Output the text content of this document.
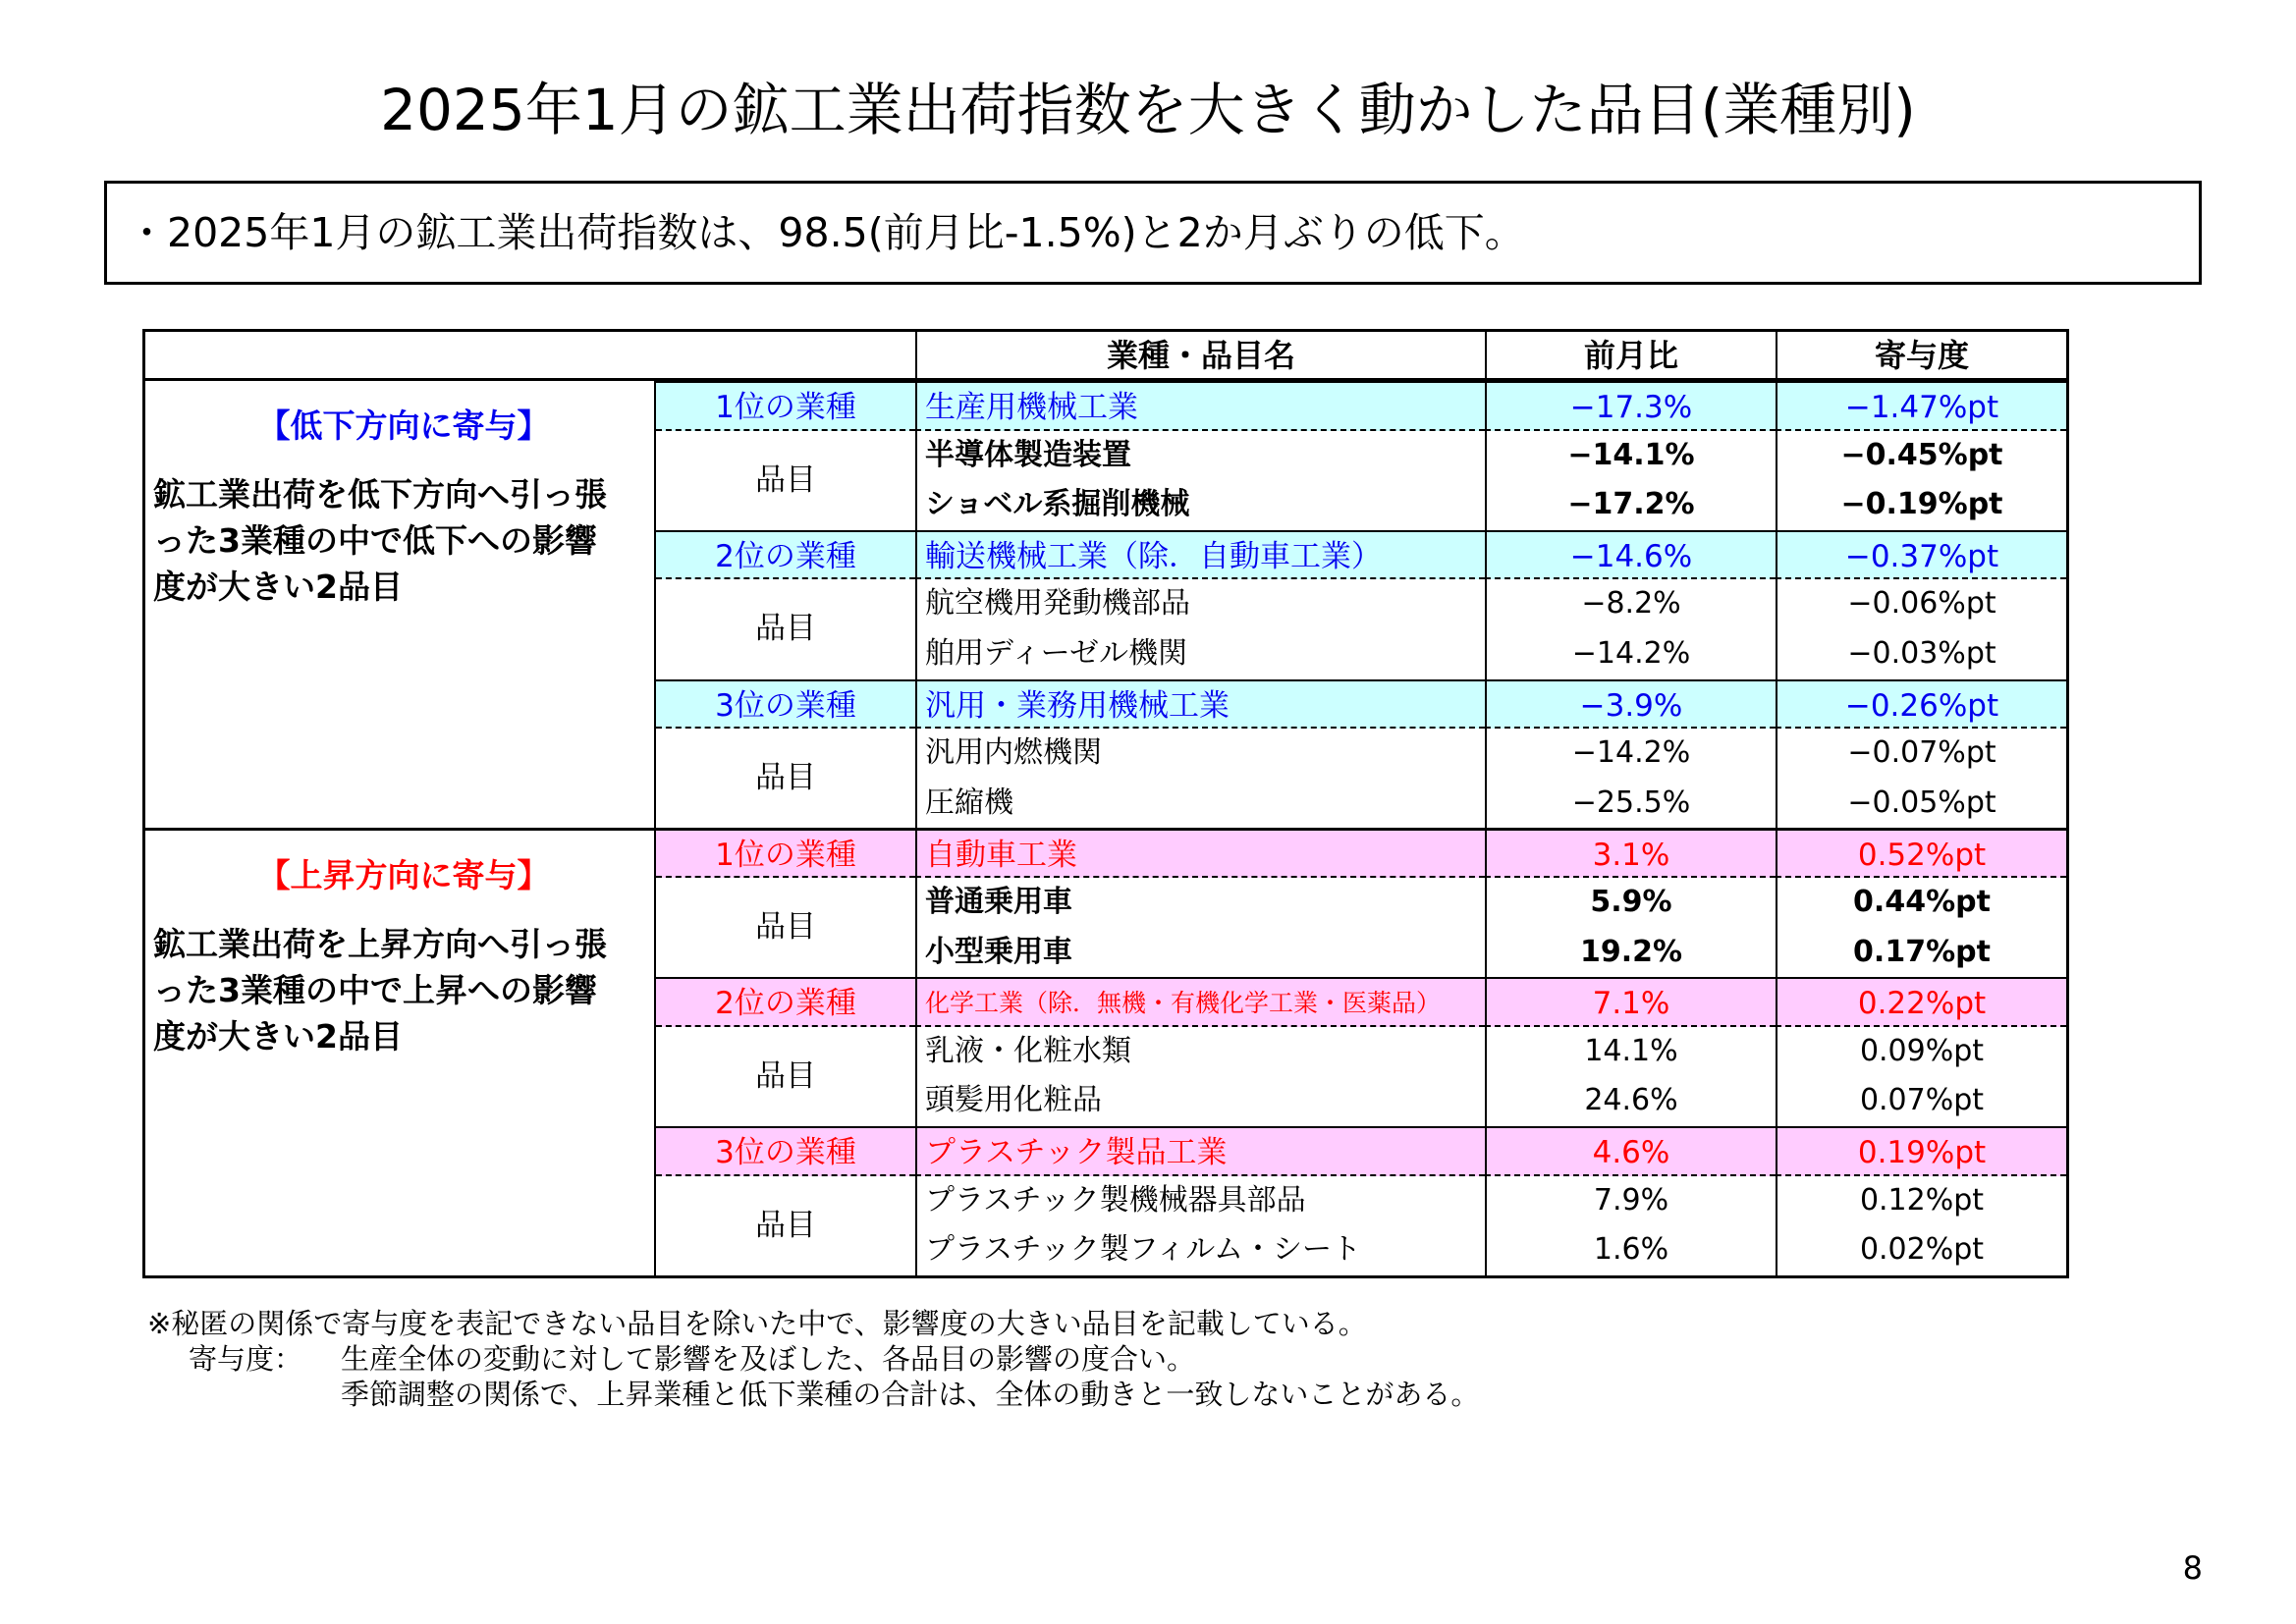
2025年1月の鉱工業出荷指数を大きく動かした品目(業種別)
・2025年1月の鉱工業出荷指数は、98.5(前月比-1.5%)と2か月ぶりの低下。
業種・品目名	前月比	寄与度
【低下方向に寄与】
鉱工業出荷を低下方向へ引っ張った3業種の中で低下への影響度が大きい2品目
1位の業種	生産用機械工業	−17.3%	−1.47%pt
品目
半導体製造装置	−14.1%	−0.45%pt
ショベル系掘削機械	−17.2%	−0.19%pt
2位の業種	輸送機械工業（除．自動車工業）	−14.6%	−0.37%pt
品目
航空機用発動機部品	−8.2%	−0.06%pt
舶用ディーゼル機関	−14.2%	−0.03%pt
3位の業種	汎用・業務用機械工業	−3.9%	−0.26%pt
品目
汎用内燃機関	−14.2%	−0.07%pt
圧縮機	−25.5%	−0.05%pt
【上昇方向に寄与】
鉱工業出荷を上昇方向へ引っ張った3業種の中で上昇への影響度が大きい2品目
1位の業種	自動車工業	3.1%	0.52%pt
品目
普通乗用車	5.9%	0.44%pt
小型乗用車	19.2%	0.17%pt
2位の業種	化学工業（除．無機・有機化学工業・医薬品）	7.1%	0.22%pt
品目
乳液・化粧水類	14.1%	0.09%pt
頭髪用化粧品	24.6%	0.07%pt
3位の業種	プラスチック製品工業	4.6%	0.19%pt
品目
プラスチック製機械器具部品	7.9%	0.12%pt
プラスチック製フィルム・シート	1.6%	0.02%pt
※秘匿の関係で寄与度を表記できない品目を除いた中で、影響度の大きい品目を記載している。
寄与度：	生産全体の変動に対して影響を及ぼした、各品目の影響の度合い。
季節調整の関係で、上昇業種と低下業種の合計は、全体の動きと一致しないことがある。
8
